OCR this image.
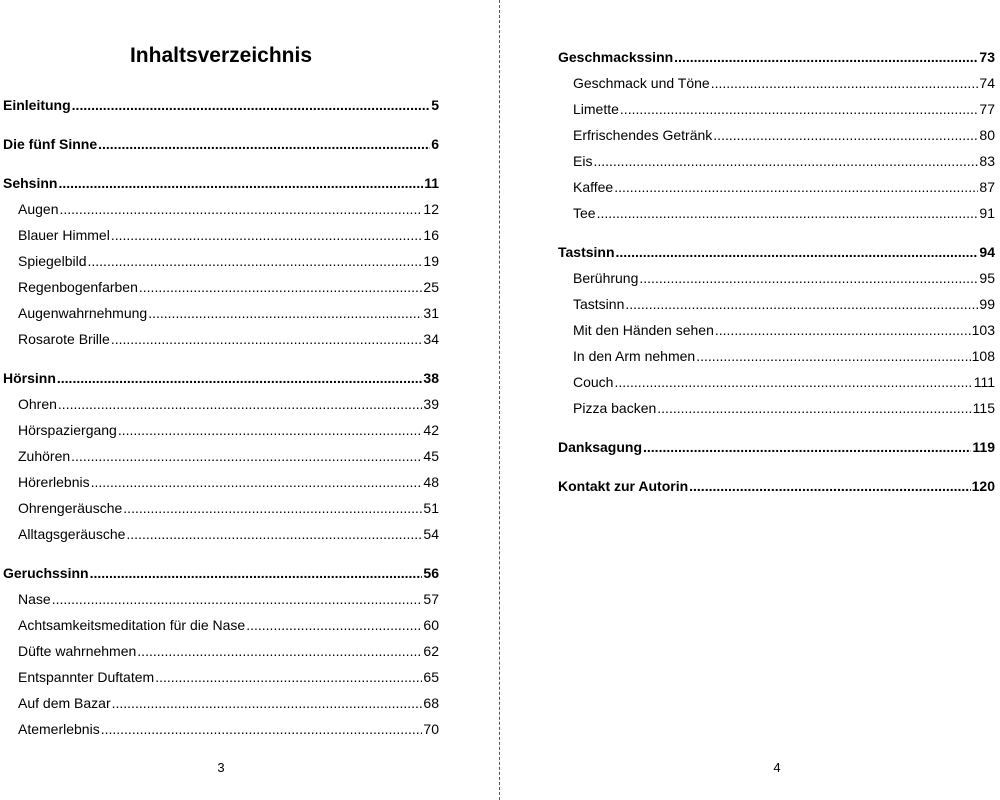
Inhaltsverzeichnis
Einleitung .....	5
Die fünf Sinne .....	6
Sehsinn .....	11
Augen .....	12
Blauer Himmel .....	16
Spiegelbild .....	19
Regenbogenfarben .....	25
Augenwahrnehmung .....	31
Rosarote Brille .....	34
Hörsinn .....	38
Ohren .....	39
Hörspaziergang .....	42
Zuhören .....	45
Hörerlebnis .....	48
Ohrengeräusche .....	51
Alltagsgeräusche .....	54
Geruchssinn .....	56
Nase .....	57
Achtsamkeitsmeditation für die Nase .....	60
Düfte wahrnehmen .....	62
Entspannter Duftatem .....	65
Auf dem Bazar .....	68
Atemerlebnis .....	70
Geschmackssinn .....	73
Geschmack und Töne .....	74
Limette .....	77
Erfrischendes Getränk .....	80
Eis .....	83
Kaffee .....	87
Tee .....	91
Tastsinn .....	94
Berührung .....	95
Tastsinn .....	99
Mit den Händen sehen .....	103
In den Arm nehmen .....	108
Couch .....	111
Pizza backen .....	115
Danksagung .....	119
Kontakt zur Autorin .....	120
3	4
